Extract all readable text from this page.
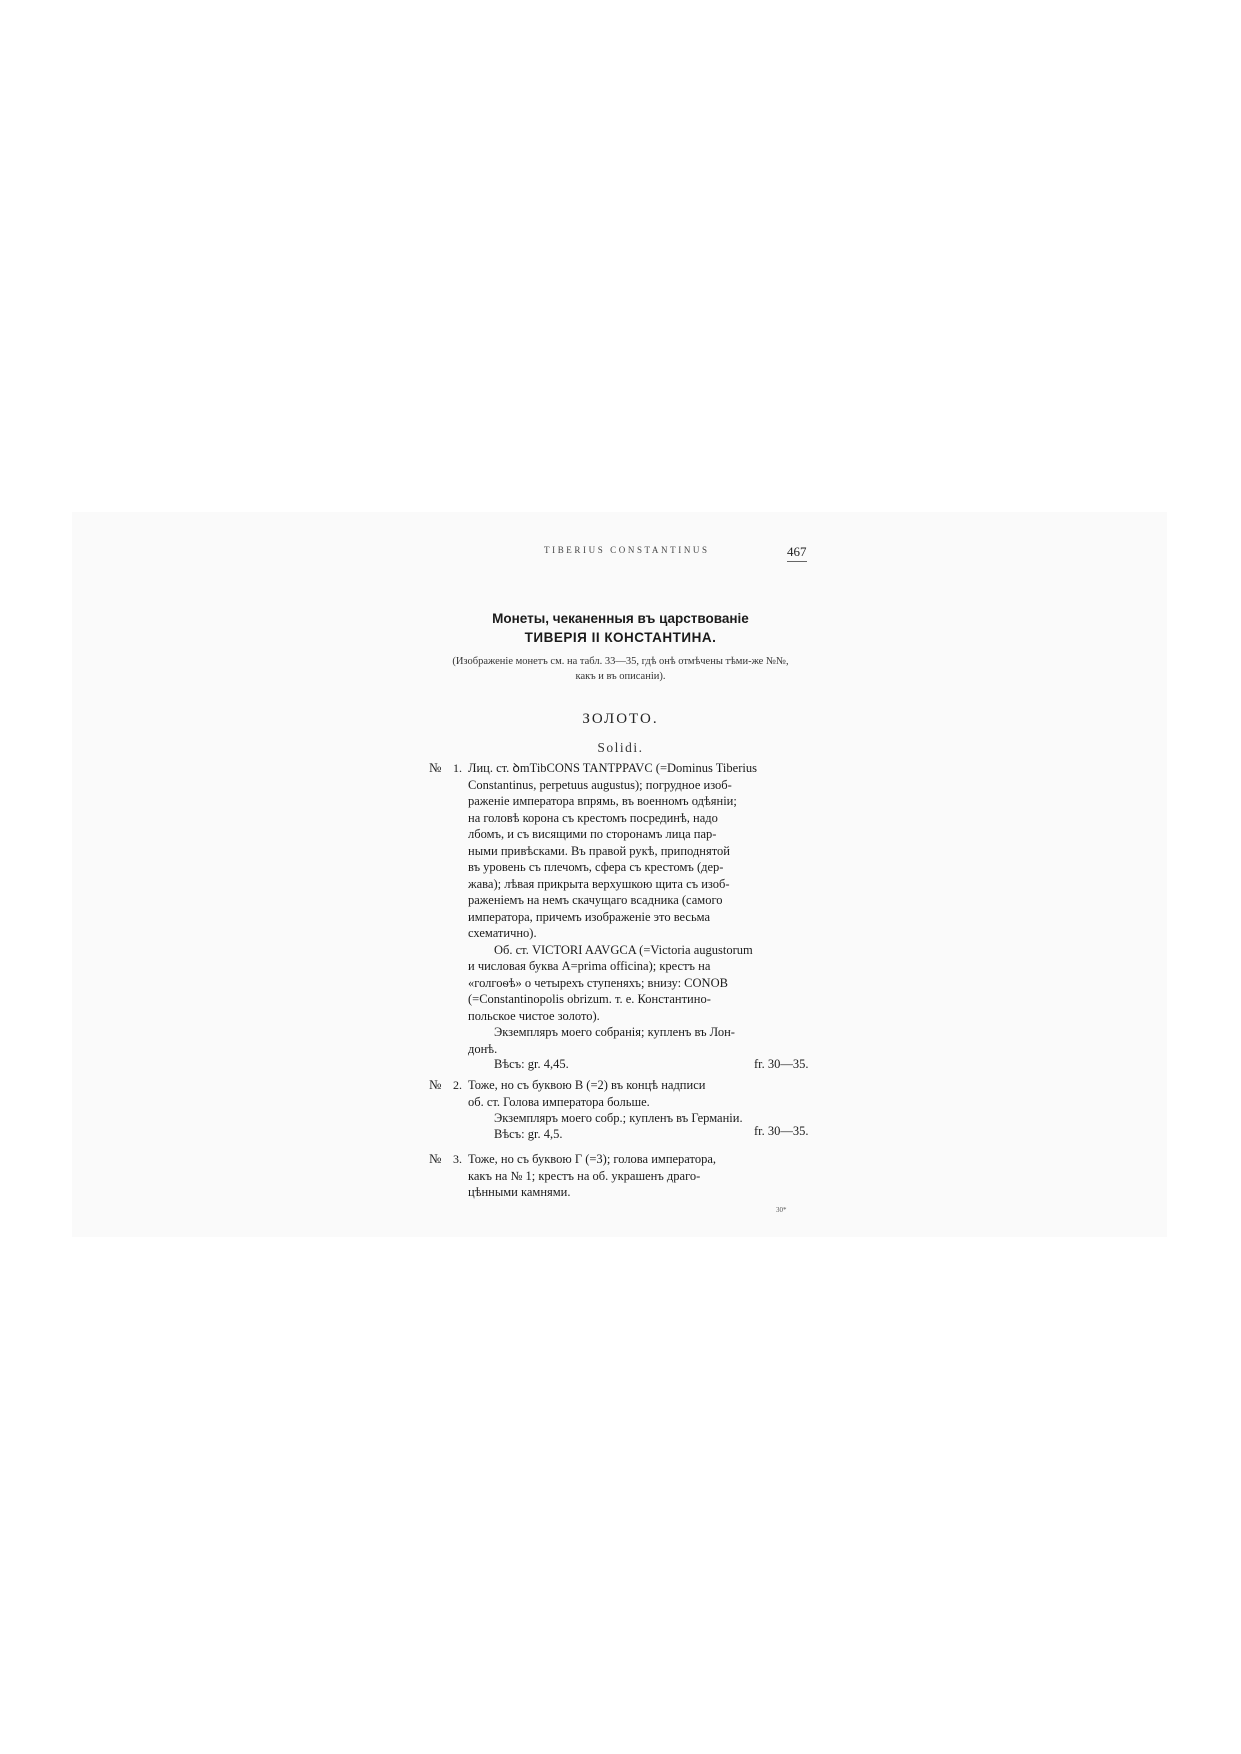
TIBERIUS CONSTANTINUS	467
Монеты, чеканенныя въ царствованіе
ТИВЕРІЯ II КОНСТАНТИНА.
(Изображеніе монетъ см. на табл. 33—35, гдѣ онѣ отмѣчены тѣми-же №№,
какъ и въ описаніи).
ЗОЛОТО.
Solidi.
№ 1. Лиц. ст. ꝺmTibCONS TANTPPAVC (=Dominus Tiberius
Constantinus, perpetuus augustus); погрудное изоб-
раженіе императора впрямь, въ военномъ одѣяніи;
на головѣ корона съ крестомъ посрединѣ, надо
лбомъ, и съ висящими по сторонамъ лица пар-
ными привѣсками. Въ правой рукѣ, приподнятой
въ уровень съ плечомъ, сфера съ крестомъ (дер-
жава); лѣвая прикрыта верхушкою щита съ изоб-
раженіемъ на немъ скачущаго всадника (самого
императора, причемъ изображеніе это весьма
схематично).
Об. ст. VICTORI AAVGCA (=Victoria augustorum
и числовая буква A=prima officina); крестъ на
«голгоѳѣ» о четырехъ ступеняхъ; внизу: CONOB
(=Constantinopolis obrizum. т. е. Константино-
польское чистое золото).
Экземпляръ моего собранія; купленъ въ Лон-
донѣ.
Вѣсъ: gr. 4,45.	fr. 30—35.
№ 2. Тоже, но съ буквою B (=2) въ концѣ надписи
об. ст. Голова императора больше.
Экземпляръ моего собр.; купленъ въ Германіи.
Вѣсъ: gr. 4,5.	fr. 30—35.
№ 3. Тоже, но съ буквою Г (=3); голова императора,
какъ на № 1; крестъ на об. украшенъ драго-
цѣнными камнями.
30*
